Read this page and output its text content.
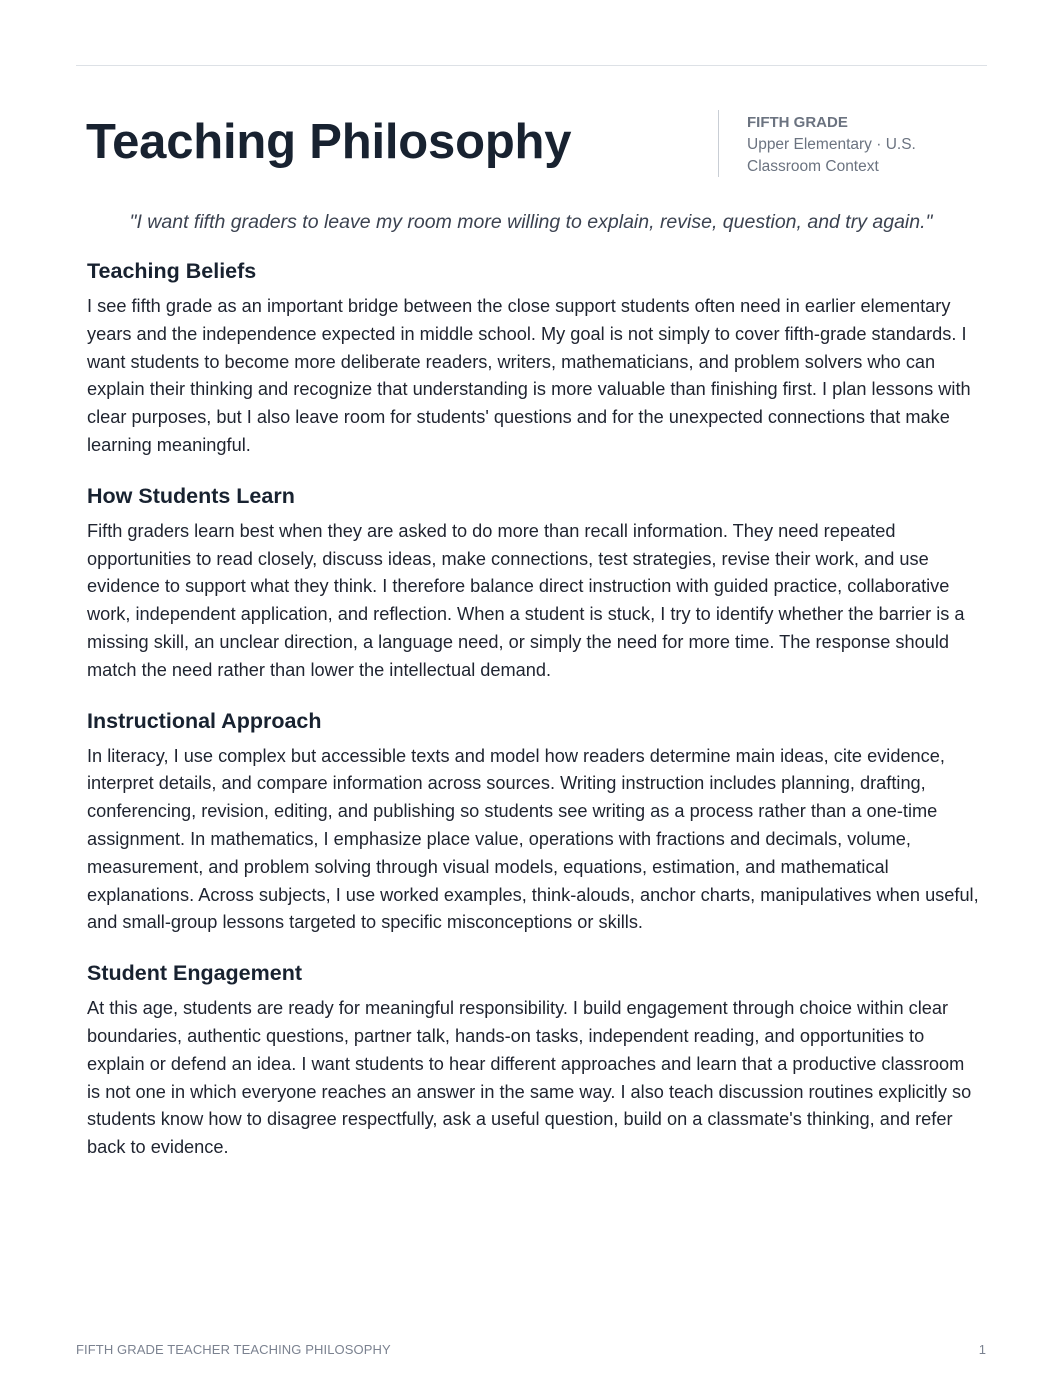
Teaching Philosophy	FIFTH GRADE
Upper Elementary · U.S.
Classroom Context

"I want fifth graders to leave my room more willing to explain, revise, question, and try again."

Teaching Beliefs

I see fifth grade as an important bridge between the close support students often need in earlier elementary years and the independence expected in middle school. My goal is not simply to cover fifth-grade standards. I want students to become more deliberate readers, writers, mathematicians, and problem solvers who can explain their thinking and recognize that understanding is more valuable than finishing first. I plan lessons with clear purposes, but I also leave room for students' questions and for the unexpected connections that make learning meaningful.

How Students Learn

Fifth graders learn best when they are asked to do more than recall information. They need repeated opportunities to read closely, discuss ideas, make connections, test strategies, revise their work, and use evidence to support what they think. I therefore balance direct instruction with guided practice, collaborative work, independent application, and reflection. When a student is stuck, I try to identify whether the barrier is a missing skill, an unclear direction, a language need, or simply the need for more time. The response should match the need rather than lower the intellectual demand.

Instructional Approach

In literacy, I use complex but accessible texts and model how readers determine main ideas, cite evidence, interpret details, and compare information across sources. Writing instruction includes planning, drafting, conferencing, revision, editing, and publishing so students see writing as a process rather than a one-time assignment. In mathematics, I emphasize place value, operations with fractions and decimals, volume, measurement, and problem solving through visual models, equations, estimation, and mathematical explanations. Across subjects, I use worked examples, think-alouds, anchor charts, manipulatives when useful, and small-group lessons targeted to specific misconceptions or skills.

Student Engagement

At this age, students are ready for meaningful responsibility. I build engagement through choice within clear boundaries, authentic questions, partner talk, hands-on tasks, independent reading, and opportunities to explain or defend an idea. I want students to hear different approaches and learn that a productive classroom is not one in which everyone reaches an answer in the same way. I also teach discussion routines explicitly so students know how to disagree respectfully, ask a useful question, build on a classmate's thinking, and refer back to evidence.

FIFTH GRADE TEACHER TEACHING PHILOSOPHY	1
